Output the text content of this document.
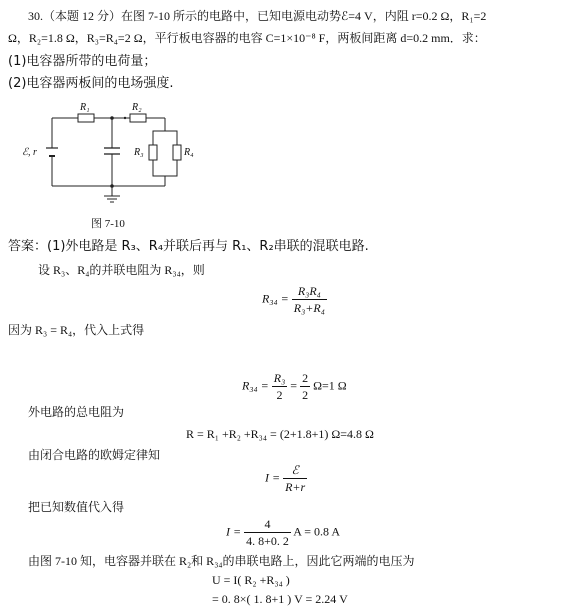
30.（本题 12 分）在图 7-10 所示的电路中，已知电源电动势ℰ=4 V，内阻 r=0.2 Ω，R₁=2
Ω，R₂=1.8 Ω，R₃=R₄=2 Ω，平行板电容器的电容 C=1×10⁻⁸ F，两板间距离 d=0.2 mm．求：
(1)电容器所带的电荷量；
(2)电容器两板间的电场强度.
R₁	R₂
R₃	R₄
ℰ, r
图 7-10
答案：(1)外电路是 R₃、R₄并联后再与 R₁、R₂串联的混联电路.
设 R₃、R₄的并联电阻为 R₃₄，则
$R_{34} = \frac{\text{R₃R₄}}{\text{R₃+R₄}}$
因为 R₃ = R₄，代入上式得
$R_{34} = \frac{\text{R₃}}{2} = \frac{2}{2} \Omega=1$ Ω
外电路的总电阻为
R = R₁ +R₂ +R₃₄ = (2+1.8+1) Ω=4.8 Ω
由闭合电路的欧姆定律知
$I = \frac{\text{ℰ}}{R+r}$
把已知数值代入得
$I = \frac{4}{4. 8+0. 2}$ A = 0.8 A
由图 7-10 知，电容器并联在 R₂和 R₃₄的串联电路上，因此它两端的电压为
U = I( R₂ +R₃₄ )
= 0. 8×( 1. 8+1 ) V = 2.24 V
